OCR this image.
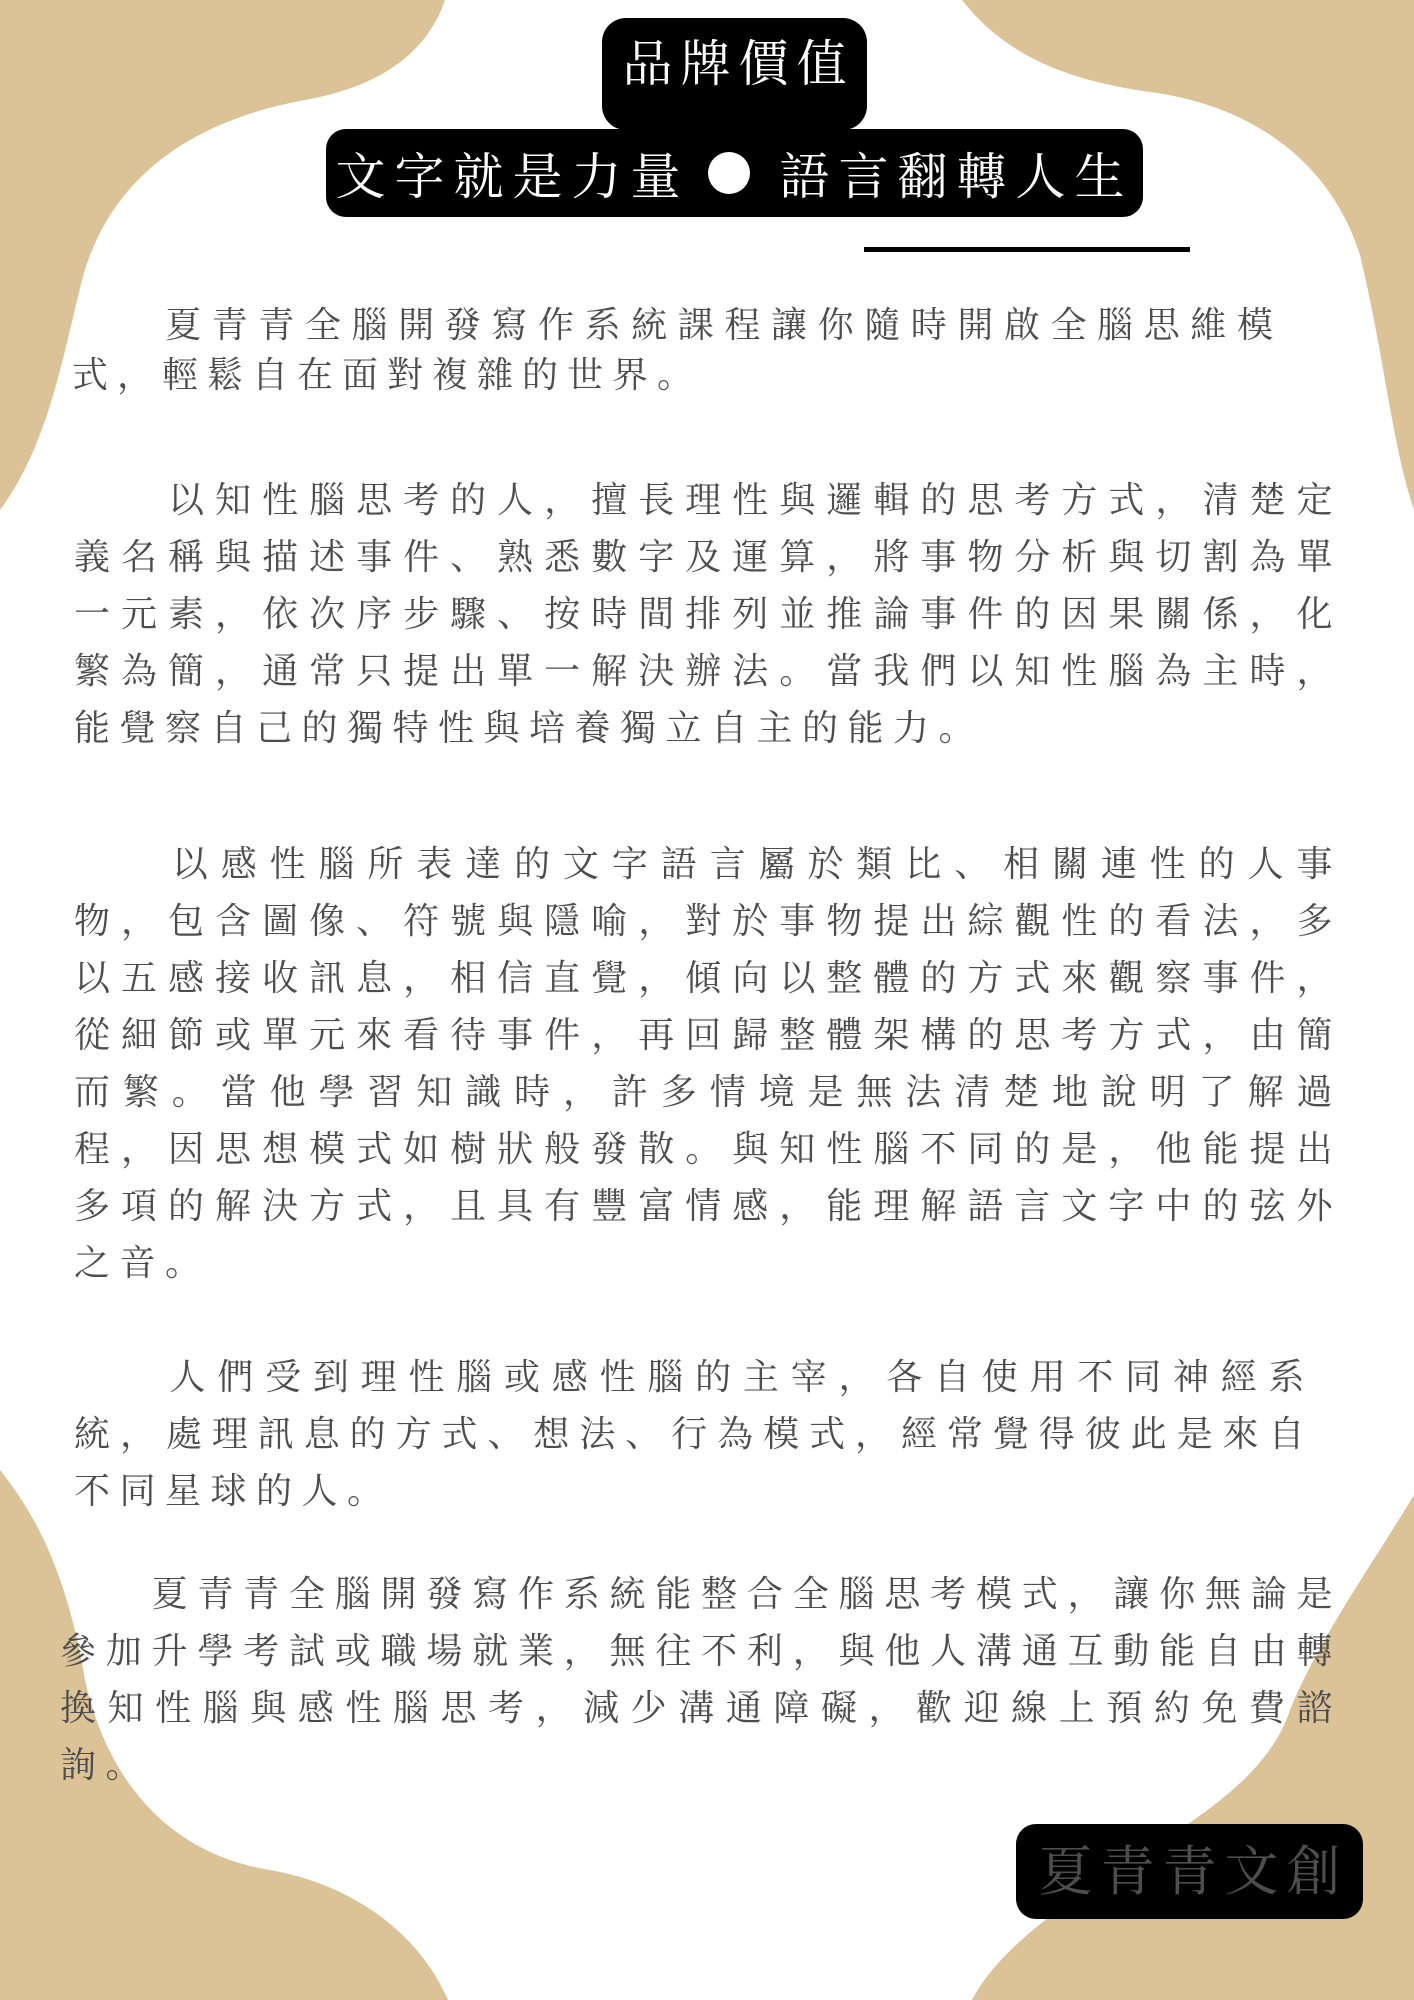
品牌價值
文字就是力量 語言翻轉人生

　　夏青青全腦開發寫作系統課程讓你隨時開啟全腦思維模式，輕鬆自在面對複雜的世界。

　　以知性腦思考的人，擅長理性與邏輯的思考方式，清楚定義名稱與描述事件、熟悉數字及運算，將事物分析與切割為單一元素，依次序步驟、按時間排列並推論事件的因果關係，化繁為簡，通常只提出單一解決辦法。當我們以知性腦為主時，能覺察自己的獨特性與培養獨立自主的能力。

　　以感性腦所表達的文字語言屬於類比、相關連性的人事物，包含圖像、符號與隱喻，對於事物提出綜觀性的看法，多以五感接收訊息，相信直覺，傾向以整體的方式來觀察事件，從細節或單元來看待事件，再回歸整體架構的思考方式，由簡而繁。當他學習知識時，許多情境是無法清楚地說明了解過程，因思想模式如樹狀般發散。與知性腦不同的是，他能提出多項的解決方式，且具有豐富情感，能理解語言文字中的弦外之音。

　　人們受到理性腦或感性腦的主宰，各自使用不同神經系統，處理訊息的方式、想法、行為模式，經常覺得彼此是來自不同星球的人。

　　夏青青全腦開發寫作系統能整合全腦思考模式，讓你無論是參加升學考試或職場就業，無往不利，與他人溝通互動能自由轉換知性腦與感性腦思考，減少溝通障礙，歡迎線上預約免費諮詢。

夏青青文創
